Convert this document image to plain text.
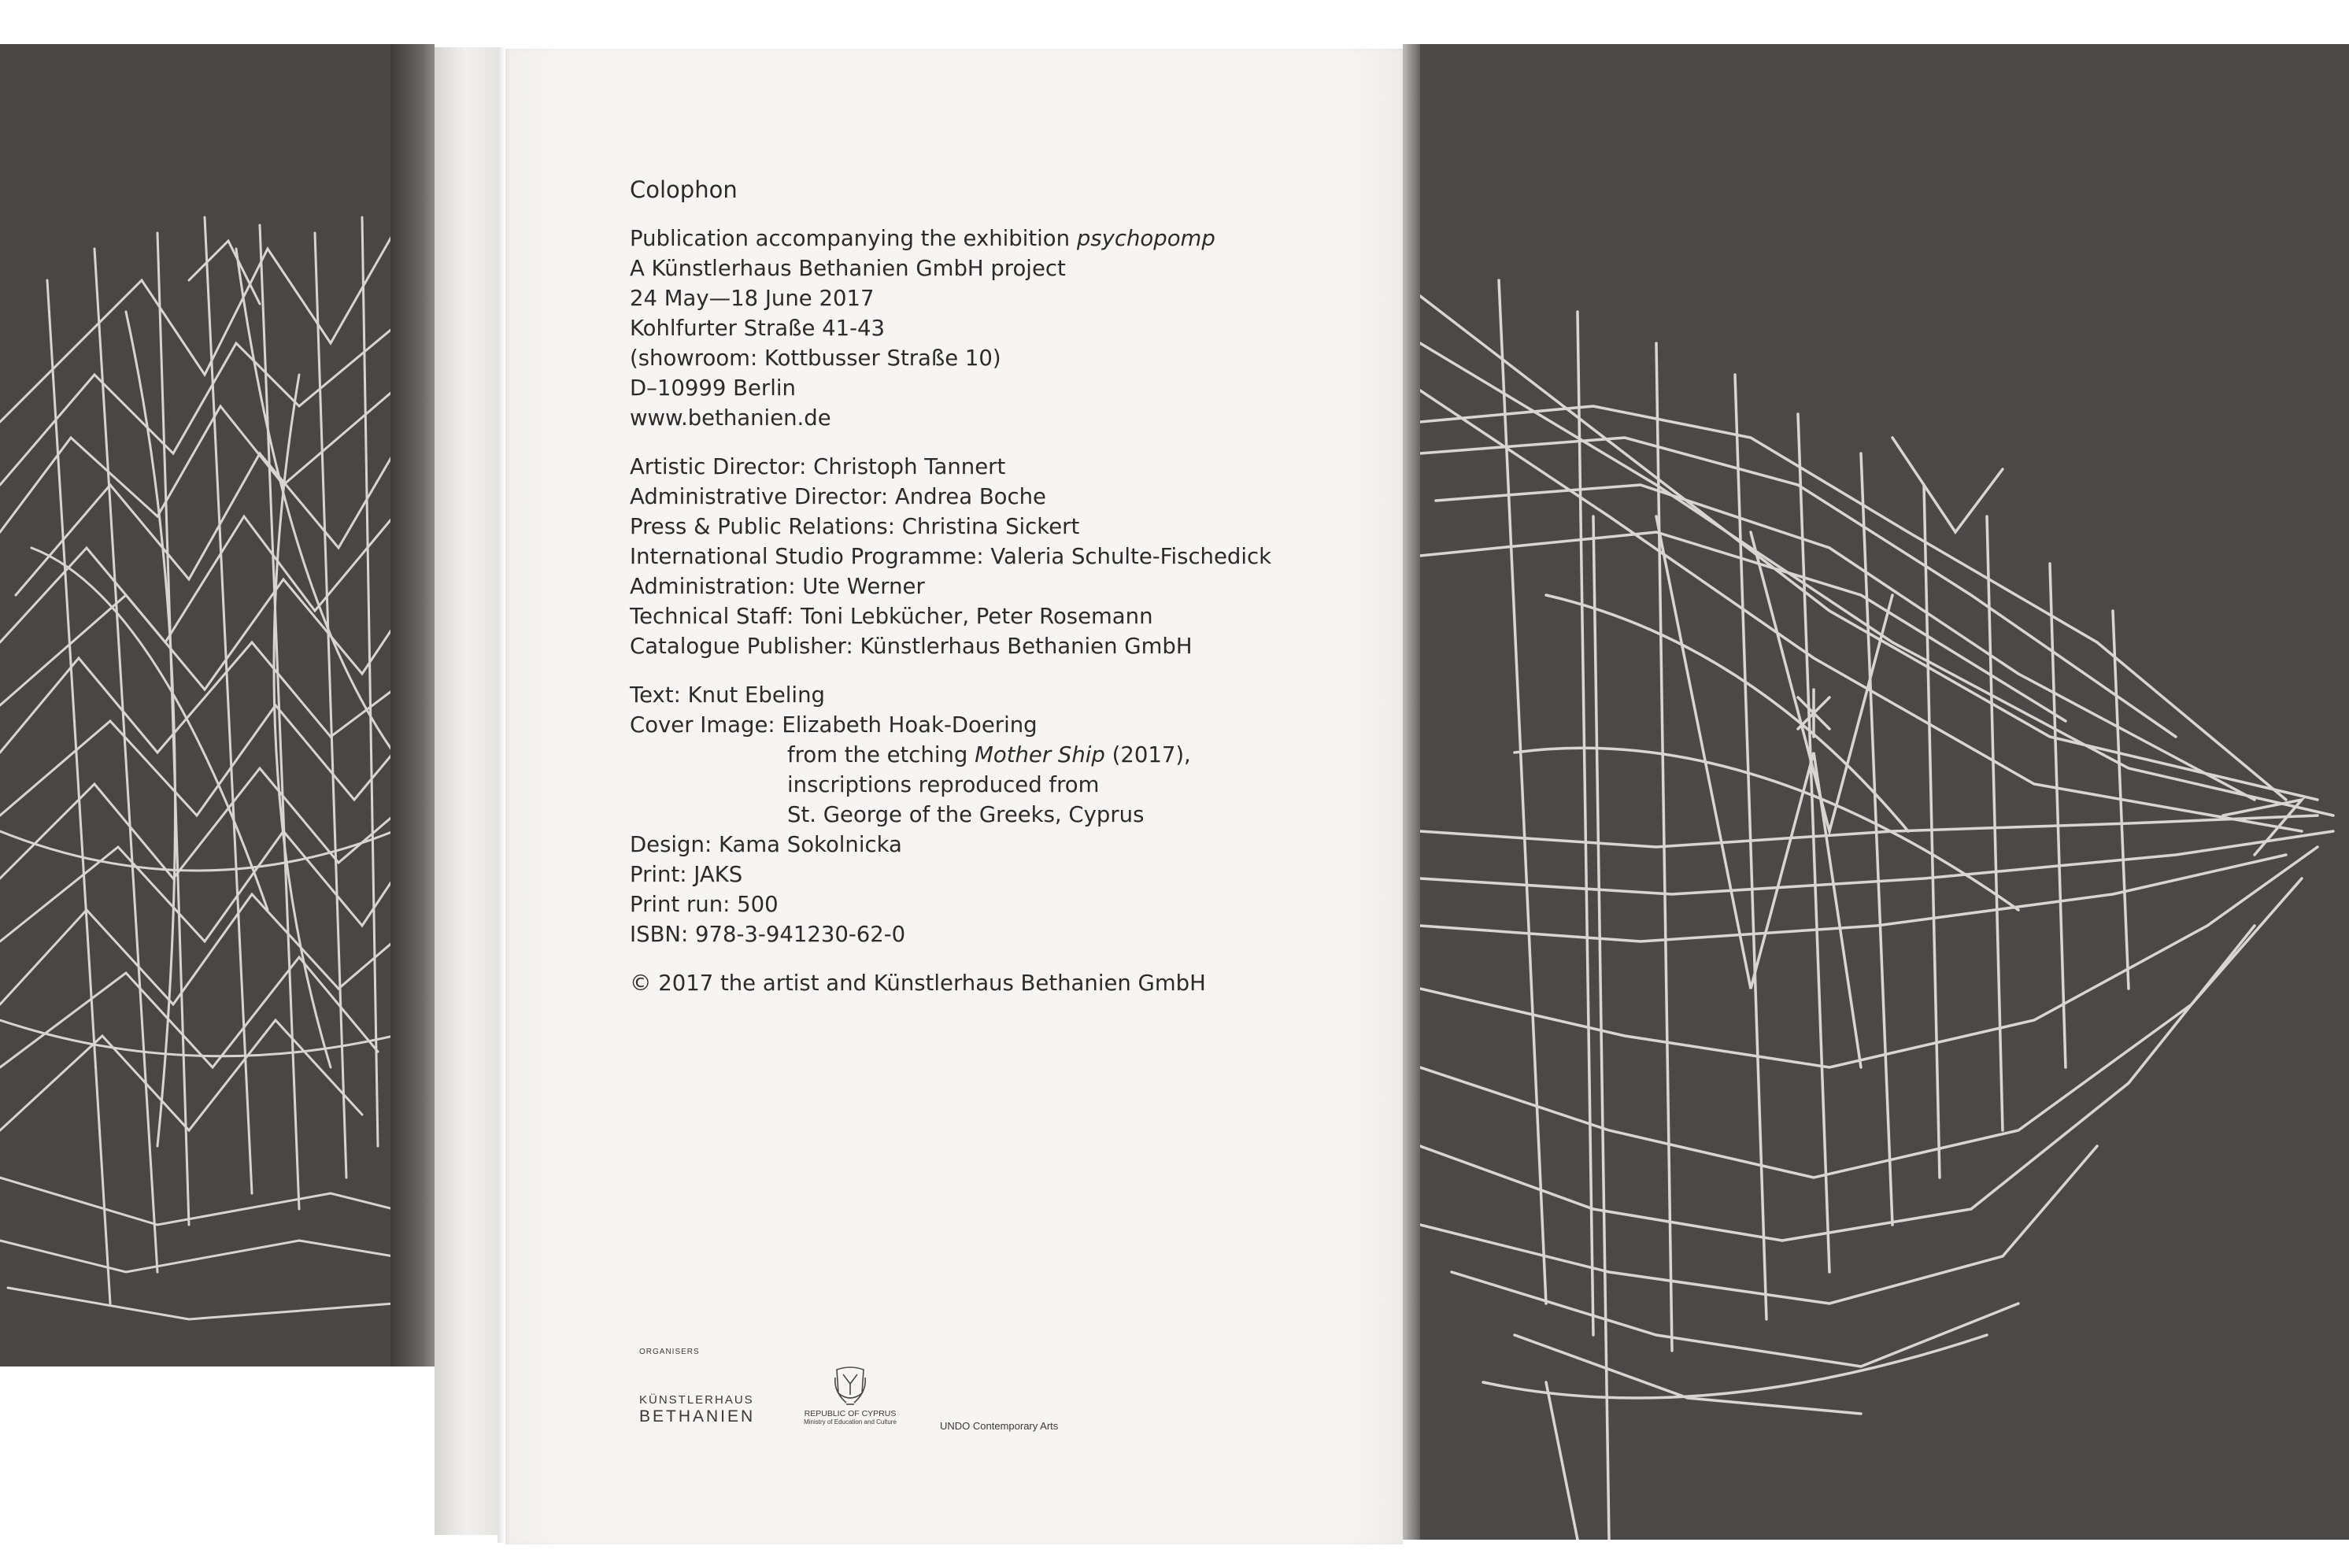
Colophon
Publication accompanying the exhibition psychopomp
A Künstlerhaus Bethanien GmbH project
24 May—18 June 2017
Kohlfurter Straße 41-43
(showroom: Kottbusser Straße 10)
D–10999 Berlin
www.bethanien.de
Artistic Director: Christoph Tannert
Administrative Director: Andrea Boche
Press & Public Relations: Christina Sickert
International Studio Programme: Valeria Schulte-Fischedick
Administration: Ute Werner
Technical Staff: Toni Lebkücher, Peter Rosemann
Catalogue Publisher: Künstlerhaus Bethanien GmbH
Text: Knut Ebeling
Cover Image: Elizabeth Hoak-Doering
from the etching Mother Ship (2017),
inscriptions reproduced from
St. George of the Greeks, Cyprus
Design: Kama Sokolnicka
Print: JAKS
Print run: 500
ISBN: 978-3-941230-62-0
© 2017 the artist and Künstlerhaus Bethanien GmbH
ORGANISERS
KÜNSTLERHAUS
BETHANIEN	REPUBLIC OF CYPRUS
Ministry of Education and Culture	UNDO Contemporary Arts
